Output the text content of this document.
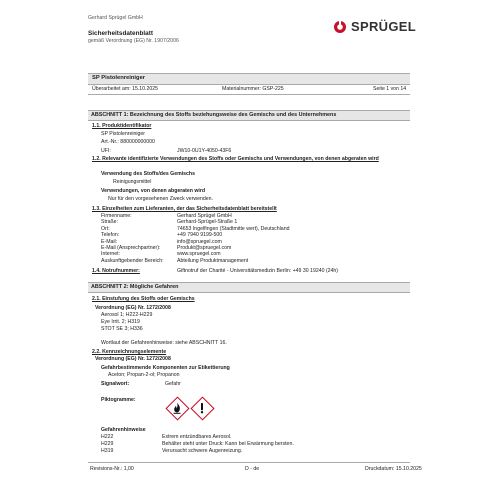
Gerhard Sprügel GmbH
Sicherheitsdatenblatt
gemäß Verordnung (EG) Nr. 1907/2006
SPRÜGEL
SP Pistolenreiniger
Überarbeitet am: 15.10.2025	Materialnummer: GSP-225	Seite 1 von 14
ABSCHNITT 1: Bezeichnung des Stoffs beziehungsweise des Gemischs und des Unternehmens
1.1. Produktidentifikator
SP Pistolenreiniger
Art.-Nr.: 880000000000
UFI:	JW10-0U1Y-4050-43F6
1.2. Relevante identifizierte Verwendungen des Stoffs oder Gemischs und Verwendungen, von denen abgeraten wird
Verwendung des Stoffs/des Gemischs
Reinigungsmittel
Verwendungen, von denen abgeraten wird
Nur für den vorgesehenen Zweck verwenden.
1.3. Einzelheiten zum Lieferanten, der das Sicherheitsdatenblatt bereitstellt
Firmenname:	Gerhard Sprügel GmbH
Straße:	Gerhard-Sprügel-Straße 1
Ort:	74653 Ingelfingen (Stadtmitte wert), Deutschland
Telefon:	+49 7940 9199-500
E-Mail:	info@spruegel.com
E-Mail (Ansprechpartner):	Produkt@spruegel.com
Internet:	www.spruegel.com
Auskunftgebender Bereich:	Abteilung Produktmanagement
1.4. Notrufnummer:	Giftnotruf der Charité - Universitätsmedizin Berlin: +49 30 19240 (24h)
ABSCHNITT 2: Mögliche Gefahren
2.1. Einstufung des Stoffs oder Gemischs
Verordnung (EG) Nr. 1272/2008
Aerosol 1; H222-H229
Eye Irrit. 2; H319
STOT SE 3; H336
Wortlaut der Gefahrenhinweise: siehe ABSCHNITT 16.
2.2. Kennzeichnungselemente
Verordnung (EG) Nr. 1272/2008
Gefahrbestimmende Komponenten zur Etikettierung
Aceton; Propan-2-ol; Propanon
Signalwort:	Gefahr
Piktogramme:
Gefahrenhinweise
H222	Extrem entzündbares Aerosol.
H229	Behälter steht unter Druck: Kann bei Erwärmung bersten.
H319	Verursacht schwere Augenreizung.
Revisions-Nr.: 1,00	D - de	Druckdatum: 15.10.2025
